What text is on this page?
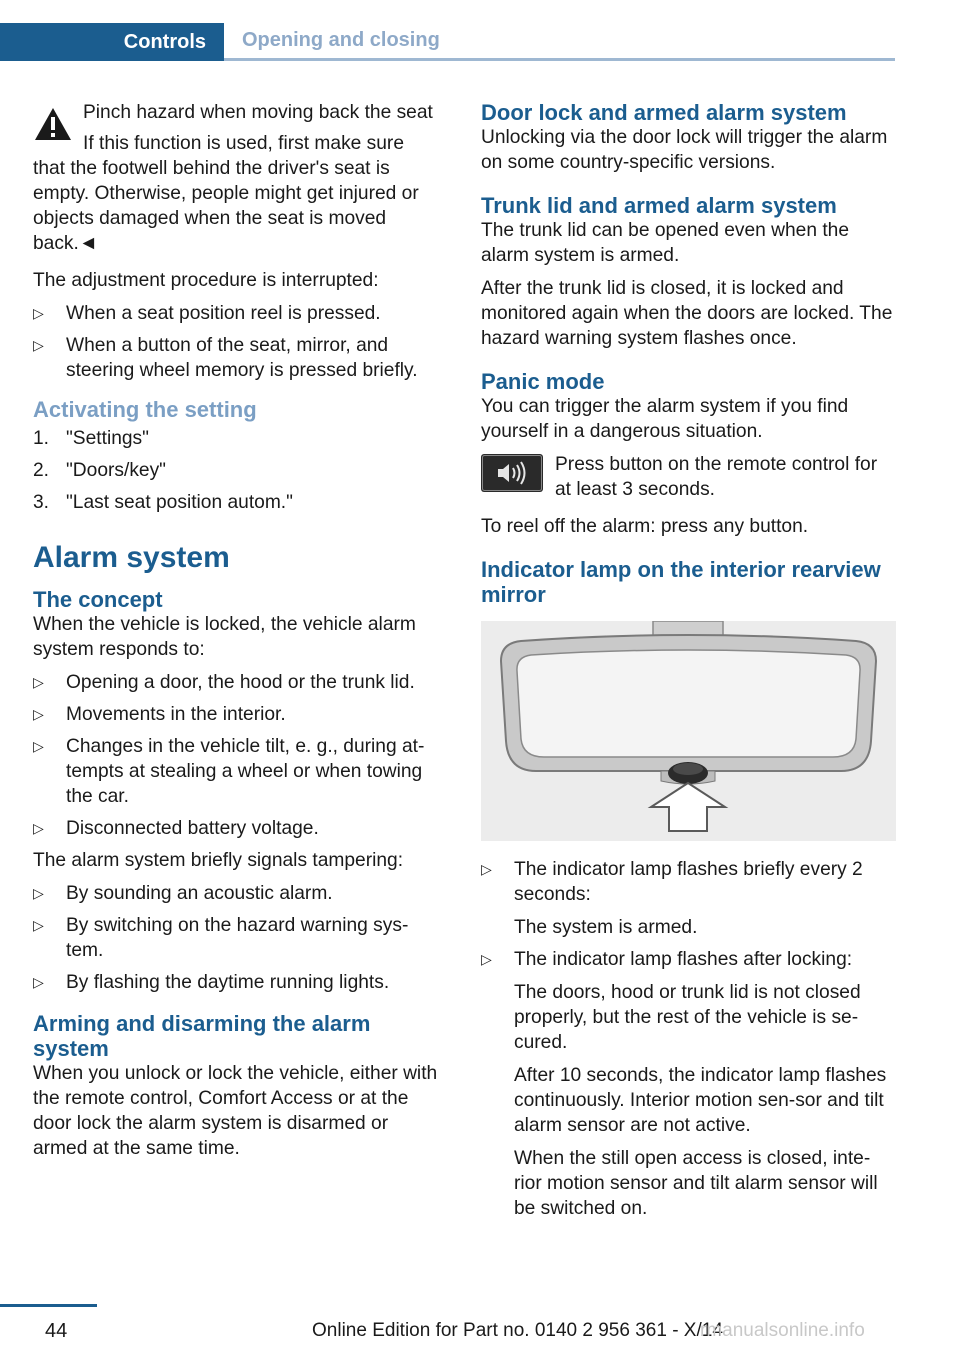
Controls	Opening and closing
Pinch hazard when moving back the seat
If this function is used, first make sure

that the footwell behind the driver's seat is empty. Otherwise, people might get injured or objects damaged when the seat is moved back.◄

The adjustment procedure is interrupted:

▷ When a seat position reel is pressed.
▷ When a button of the seat, mirror, and steering wheel memory is pressed briefly.
Activating the setting
1. "Settings"
2. "Doors/key"
3. "Last seat position autom."
Alarm system
The concept

When the vehicle is locked, the vehicle alarm system responds to:

▷ Opening a door, the hood or the trunk lid.
▷ Movements in the interior.
▷ Changes in the vehicle tilt, e. g., during at-tempts at stealing a wheel or when towing the car.
▷ Disconnected battery voltage.

The alarm system briefly signals tampering:

▷ By sounding an acoustic alarm.
▷ By switching on the hazard warning sys-tem.
▷ By flashing the daytime running lights.
Arming and disarming the alarm system

When you unlock or lock the vehicle, either with the remote control, Comfort Access or at the door lock the alarm system is disarmed or armed at the same time.

Door lock and armed alarm system

Unlocking via the door lock will trigger the alarm on some country-specific versions.

Trunk lid and armed alarm system

The trunk lid can be opened even when the alarm system is armed.

After the trunk lid is closed, it is locked and monitored again when the doors are locked. The hazard warning system flashes once.

Panic mode

You can trigger the alarm system if you find yourself in a dangerous situation.

Press button on the remote control for at least 3 seconds.

To reel off the alarm: press any button.

Indicator lamp on the interior rearview mirror
▷ The indicator lamp flashes briefly every 2 seconds:
The system is armed.
▷ The indicator lamp flashes after locking:
The doors, hood or trunk lid is not closed properly, but the rest of the vehicle is se-cured.
After 10 seconds, the indicator lamp flashes continuously. Interior motion sen-sor and tilt alarm sensor are not active.
When the still open access is closed, inte-rior motion sensor and tilt alarm sensor will be switched on.
44	Online Edition for Part no. 0140 2 956 361 - X/14
rmanualsonline.info
